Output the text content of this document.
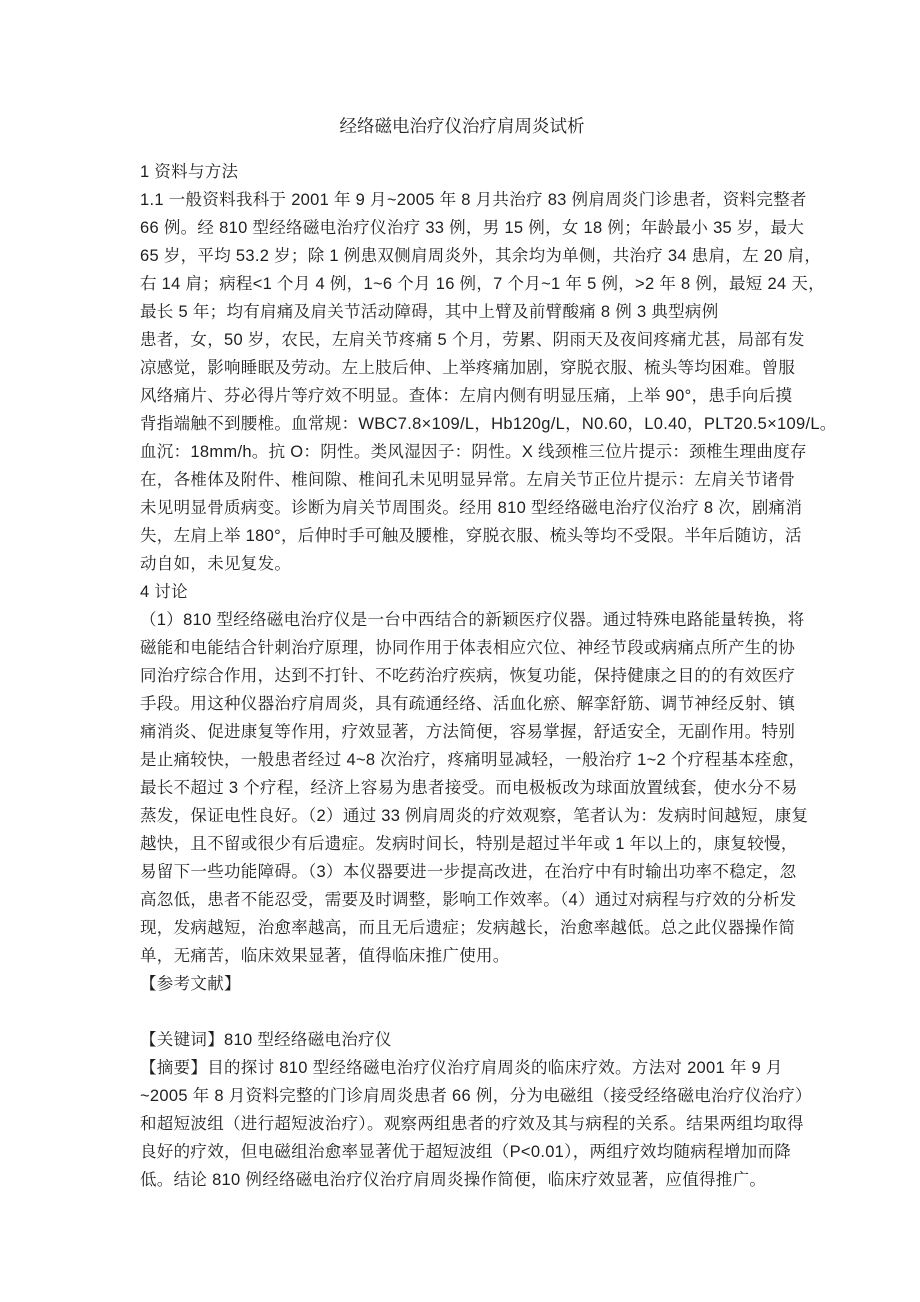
经络磁电治疗仪治疗肩周炎试析
1 资料与方法
1.1 一般资料我科于 2001 年 9 月~2005 年 8 月共治疗 83 例肩周炎门诊患者，资料完整者
66 例。经 810 型经络磁电治疗仪治疗 33 例，男 15 例，女 18 例；年龄最小 35 岁，最大
65 岁，平均 53.2 岁；除 1 例患双侧肩周炎外，其余均为单侧，共治疗 34 患肩，左 20 肩，
右 14 肩；病程<1 个月 4 例，1~6 个月 16 例，7 个月~1 年 5 例，>2 年 8 例，最短 24 天，
最长 5 年；均有肩痛及肩关节活动障碍，其中上臂及前臂酸痛 8 例 3 典型病例
患者，女，50 岁，农民，左肩关节疼痛 5 个月，劳累、阴雨天及夜间疼痛尤甚，局部有发
凉感觉，影响睡眠及劳动。左上肢后伸、上举疼痛加剧，穿脱衣服、梳头等均困难。曾服
风络痛片、芬必得片等疗效不明显。查体：左肩内侧有明显压痛，上举 90°，患手向后摸
背指端触不到腰椎。血常规：WBC7.8×109/L，Hb120g/L，N0.60，L0.40，PLT20.5×109/L。
血沉：18mm/h。抗 O：阴性。类风湿因子：阴性。X 线颈椎三位片提示：颈椎生理曲度存
在，各椎体及附件、椎间隙、椎间孔未见明显异常。左肩关节正位片提示：左肩关节诸骨
未见明显骨质病变。诊断为肩关节周围炎。经用 810 型经络磁电治疗仪治疗 8 次，剧痛消
失，左肩上举 180°，后伸时手可触及腰椎，穿脱衣服、梳头等均不受限。半年后随访，活
动自如，未见复发。
4 讨论
（1）810 型经络磁电治疗仪是一台中西结合的新颖医疗仪器。通过特殊电路能量转换，将
磁能和电能结合针刺治疗原理，协同作用于体表相应穴位、神经节段或病痛点所产生的协
同治疗综合作用，达到不打针、不吃药治疗疾病，恢复功能，保持健康之目的的有效医疗
手段。用这种仪器治疗肩周炎，具有疏通经络、活血化瘀、解挛舒筋、调节神经反射、镇
痛消炎、促进康复等作用，疗效显著，方法简便，容易掌握，舒适安全，无副作用。特别
是止痛较快，一般患者经过 4~8 次治疗，疼痛明显减轻，一般治疗 1~2 个疗程基本痊愈，
最长不超过 3 个疗程，经济上容易为患者接受。而电极板改为球面放置绒套，使水分不易
蒸发，保证电性良好。（2）通过 33 例肩周炎的疗效观察，笔者认为：发病时间越短，康复
越快，且不留或很少有后遗症。发病时间长，特别是超过半年或 1 年以上的，康复较慢，
易留下一些功能障碍。（3）本仪器要进一步提高改进，在治疗中有时输出功率不稳定，忽
高忽低，患者不能忍受，需要及时调整，影响工作效率。（4）通过对病程与疗效的分析发
现，发病越短，治愈率越高，而且无后遗症；发病越长，治愈率越低。总之此仪器操作简
单，无痛苦，临床效果显著，值得临床推广使用。
【参考文献】
【关键词】810 型经络磁电治疗仪
【摘要】目的探讨 810 型经络磁电治疗仪治疗肩周炎的临床疗效。方法对 2001 年 9 月
~2005 年 8 月资料完整的门诊肩周炎患者 66 例，分为电磁组（接受经络磁电治疗仪治疗）
和超短波组（进行超短波治疗）。观察两组患者的疗效及其与病程的关系。结果两组均取得
良好的疗效，但电磁组治愈率显著优于超短波组（P<0.01），两组疗效均随病程增加而降
低。结论 810 例经络磁电治疗仪治疗肩周炎操作简便，临床疗效显著，应值得推广。
